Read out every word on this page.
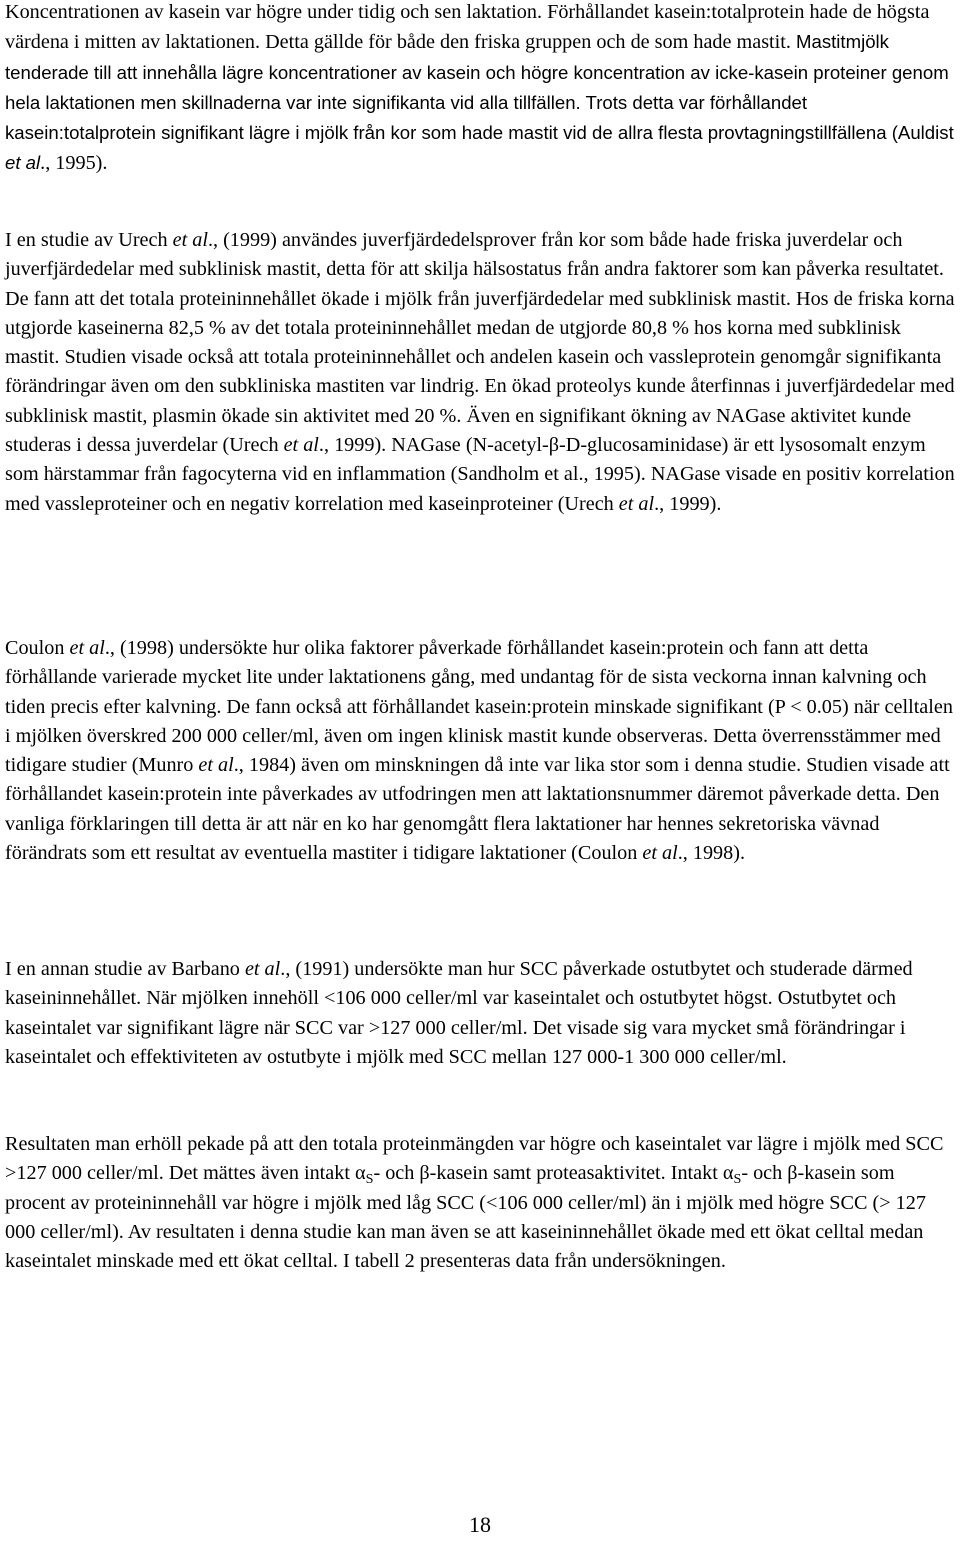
Koncentrationen av kasein var högre under tidig och sen laktation. Förhållandet kasein:totalprotein hade de högsta värdena i mitten av laktationen. Detta gällde för både den friska gruppen och de som hade mastit. Mastitmjölk tenderade till att innehålla lägre koncentrationer av kasein och högre koncentration av icke-kasein proteiner genom hela laktationen men skillnaderna var inte signifikanta vid alla tillfällen. Trots detta var förhållandet kasein:totalprotein signifikant lägre i mjölk från kor som hade mastit vid de allra flesta provtagningstillfällena (Auldist et al., 1995).

I en studie av Urech et al., (1999) användes juverfjärdedelsprover från kor som både hade friska juverdelar och juverfjärdedelar med subklinisk mastit, detta för att skilja hälsostatus från andra faktorer som kan påverka resultatet. De fann att det totala proteininnehållet ökade i mjölk från juverfjärdedelar med subklinisk mastit. Hos de friska korna utgjorde kaseinerna 82,5 % av det totala proteininnehållet medan de utgjorde 80,8 % hos korna med subklinisk mastit. Studien visade också att totala proteininnehållet och andelen kasein och vassleprotein genomgår signifikanta förändringar även om den subkliniska mastiten var lindrig. En ökad proteolys kunde återfinnas i juverfjärdedelar med subklinisk mastit, plasmin ökade sin aktivitet med 20 %. Även en signifikant ökning av NAGase aktivitet kunde studeras i dessa juverdelar (Urech et al., 1999). NAGase (N-acetyl-β-D-glucosaminidase) är ett lysosomalt enzym som härstammar från fagocyterna vid en inflammation (Sandholm et al., 1995). NAGase visade en positiv korrelation med vassleproteiner och en negativ korrelation med kaseinproteiner (Urech et al., 1999).

Coulon et al., (1998) undersökte hur olika faktorer påverkade förhållandet kasein:protein och fann att detta förhållande varierade mycket lite under laktationens gång, med undantag för de sista veckorna innan kalvning och tiden precis efter kalvning. De fann också att förhållandet kasein:protein minskade signifikant (P < 0.05) när celltalen i mjölken överskred 200 000 celler/ml, även om ingen klinisk mastit kunde observeras. Detta överrensstämmer med tidigare studier (Munro et al., 1984) även om minskningen då inte var lika stor som i denna studie. Studien visade att förhållandet kasein:protein inte påverkades av utfodringen men att laktationsnummer däremot påverkade detta. Den vanliga förklaringen till detta är att när en ko har genomgått flera laktationer har hennes sekretoriska vävnad förändrats som ett resultat av eventuella mastiter i tidigare laktationer (Coulon et al., 1998).

I en annan studie av Barbano et al., (1991) undersökte man hur SCC påverkade ostutbytet och studerade därmed kaseininnehållet. När mjölken innehöll <106 000 celler/ml var kaseintalet och ostutbytet högst. Ostutbytet och kaseintalet var signifikant lägre när SCC var >127 000 celler/ml. Det visade sig vara mycket små förändringar i kaseintalet och effektiviteten av ostutbyte i mjölk med SCC mellan 127 000-1 300 000 celler/ml.

Resultaten man erhöll pekade på att den totala proteinmängden var högre och kaseintalet var lägre i mjölk med SCC >127 000 celler/ml. Det mättes även intakt $\alpha_S-$ och β-kasein samt proteasaktivitet. Intakt $\alpha_S-$ och β-kasein som procent av proteininnehåll var högre i mjölk med låg SCC (<106 000 celler/ml) än i mjölk med högre SCC (> 127 000 celler/ml). Av resultaten i denna studie kan man även se att kaseininnehållet ökade med ett ökat celltal medan kaseintalet minskade med ett ökat celltal. I tabell 2 presenteras data från undersökningen.

18
